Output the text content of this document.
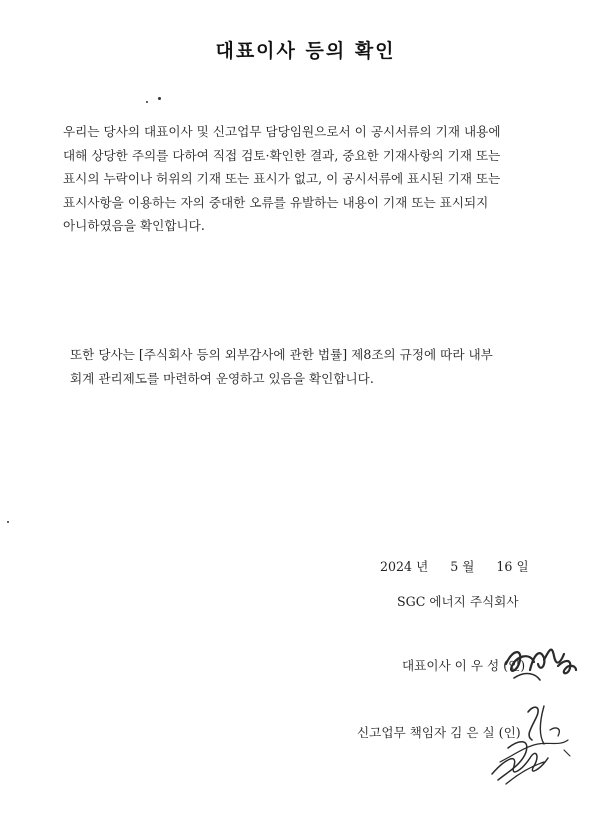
대표이사 등의 확인
우리는 당사의 대표이사 및 신고업무 담당임원으로서 이 공시서류의 기재 내용에
대해 상당한 주의를 다하여 직접 검토·확인한 결과, 중요한 기재사항의 기재 또는
표시의 누락이나 허위의 기재 또는 표시가 없고, 이 공시서류에 표시된 기재 또는
표시사항을 이용하는 자의 중대한 오류를 유발하는 내용이 기재 또는 표시되지
아니하였음을 확인합니다.
또한 당사는 [주식회사 등의 외부감사에 관한 법률] 제8조의 규정에 따라 내부
회계 관리제도를 마련하여 운영하고 있음을 확인합니다.
2024 년 5 월 16 일
SGC 에너지 주식회사
대표이사 이 우 성 (인)
신고업무 책임자 김 은 실 (인)
